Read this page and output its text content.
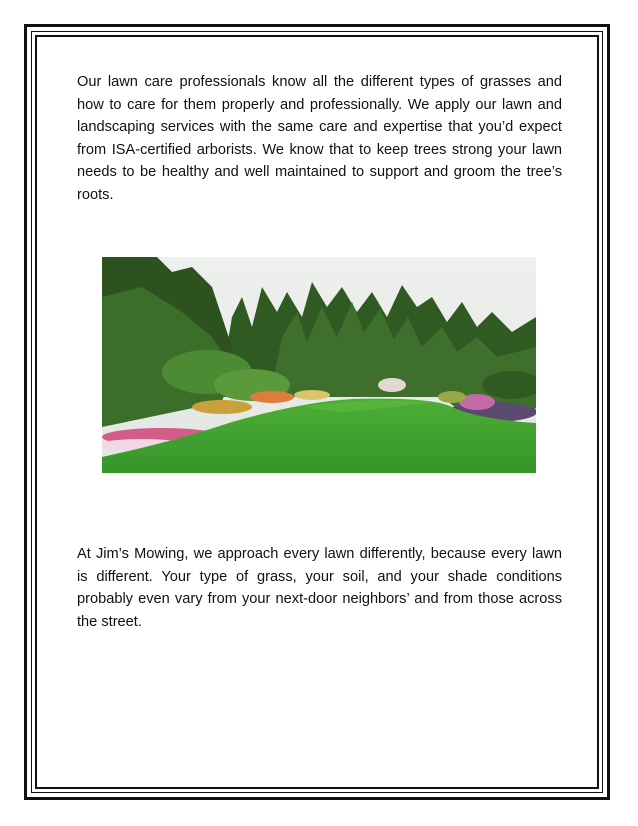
Our lawn care professionals know all the different types of grasses and how to care for them properly and professionally. We apply our lawn and landscaping services with the same care and expertise that you’d expect from ISA-certified arborists. We know that to keep trees strong your lawn needs to be healthy and well maintained to support and groom the tree’s roots.

At Jim’s Mowing, we approach every lawn differently, because every lawn is different. Your type of grass, your soil, and your shade conditions probably even vary from your next-door neighbors’ and from those across the street.
